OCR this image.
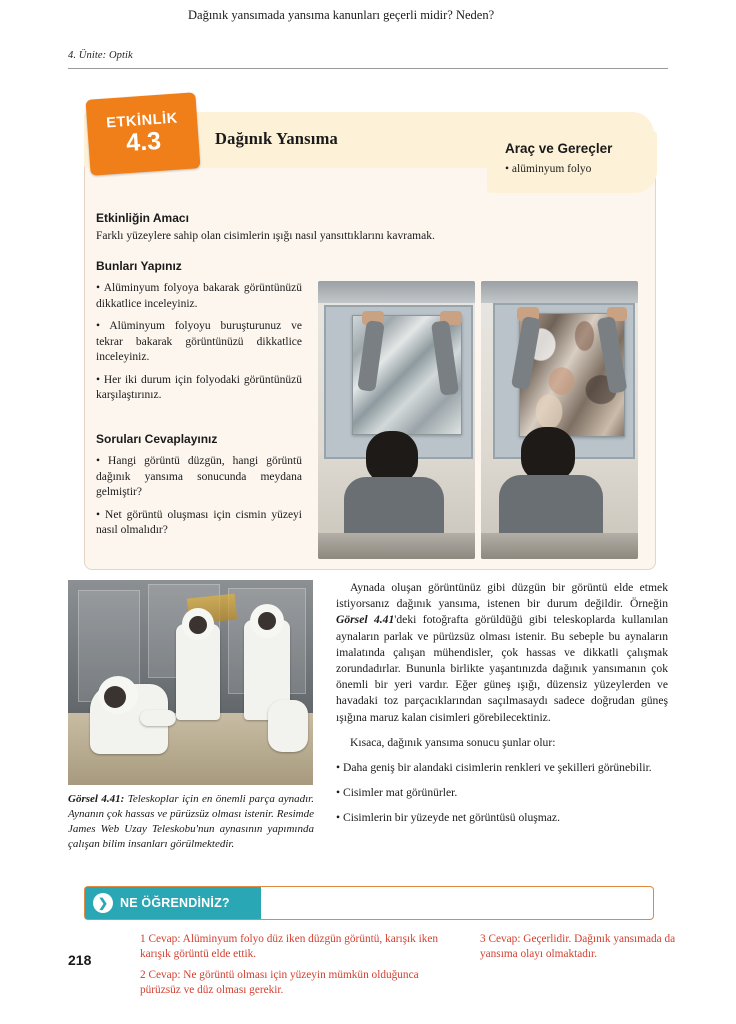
4. Ünite: Optik
Araç ve Gereçler
• alüminyum folyo
ETKİNLİK
4.3	Dağınık Yansıma
Etkinliğin Amacı
Farklı yüzeylere sahip olan cisimlerin ışığı nasıl yansıttıklarını kavramak.
Bunları Yapınız

• Alüminyum folyoya bakarak görüntünüzü dikkatlice inceleyiniz.

• Alüminyum folyoyu buruşturunuz ve tekrar bakarak görüntünüzü dikkatlice inceleyiniz.

• Her iki durum için folyodaki görüntünüzü karşılaştırınız.

Soruları Cevaplayınız

• Hangi görüntü düzgün, hangi görüntü dağınık yansıma sonucunda meydana gelmiştir?

• Net görüntü oluşması için cismin yüzeyi nasıl olmalıdır?

Görsel 4.41: Teleskoplar için en önemli parça aynadır. Aynanın çok hassas ve pürüzsüz olması istenir. Resimde James Web Uzay Teleskobu'nun aynasının yapımında çalışan bilim insanları görülmektedir.

Aynada oluşan görüntünüz gibi düzgün bir görüntü elde etmek istiyorsanız dağınık yansıma, istenen bir durum değildir. Örneğin Görsel 4.41'deki fotoğrafta görüldüğü gibi teleskoplarda kullanılan aynaların parlak ve pürüzsüz olması istenir. Bu sebeple bu aynaların imalatında çalışan mühendisler, çok hassas ve dikkatli çalışmak zorundadırlar. Bununla birlikte yaşantınızda dağınık yansımanın çok önemli bir yeri vardır. Eğer güneş ışığı, düzensiz yüzeylerden ve havadaki toz parçacıklarından saçılmasaydı sadece doğrudan güneş ışığına maruz kalan cisimleri görebilecektiniz.

Kısaca, dağınık yansıma sonucu şunlar olur:

• Daha geniş bir alandaki cisimlerin renkleri ve şekilleri görünebilir.

• Cisimler mat görünürler.

• Cisimlerin bir yüzeyde net görüntüsü oluşmaz.

❯ NE ÖĞRENDİNİZ?
Dağınık yansımada yansıma kanunları geçerli midir? Neden?
1 Cevap: Alüminyum folyo düz iken düzgün görüntü, karışık iken karışık görüntü elde ettik.
2 Cevap: Ne görüntü olması için yüzeyin mümkün olduğunca pürüzsüz ve düz olması gerekir.
3 Cevap: Geçerlidir. Dağınık yansımada da yansıma olayı olmaktadır.
218
